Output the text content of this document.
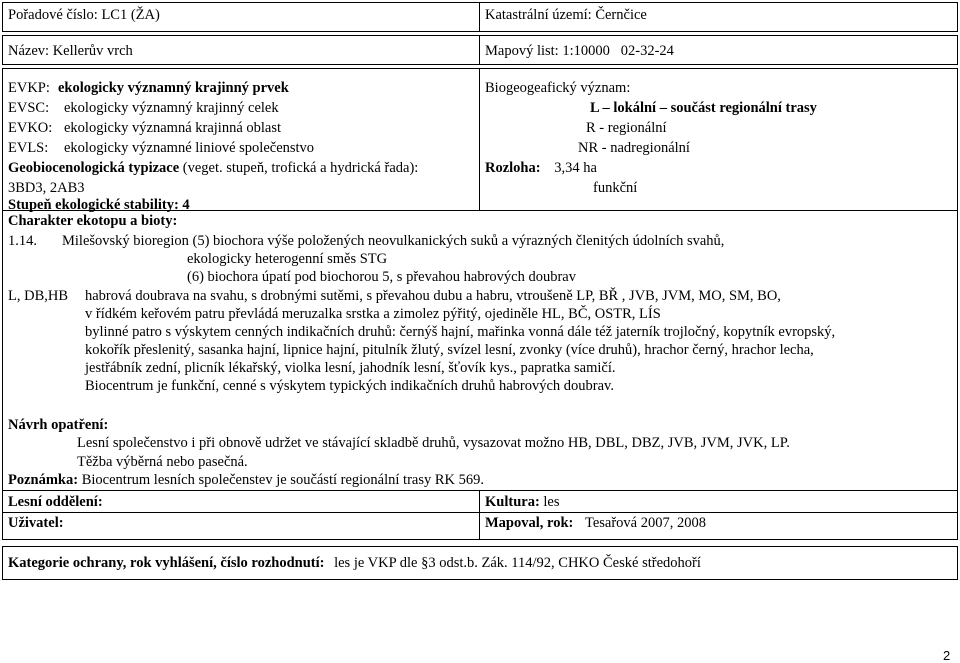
Pořadové číslo: LC1 (ŽA)	Katastrální území: Černčice
Název: Kellerův vrch	Mapový list: 1:10000   02-32-24
EVKP: ekologicky významný krajinný prvek
EVSC: ekologicky významný krajinný celek
EVKO: ekologicky významná krajinná oblast
EVLS: ekologicky významné liniové společenstvo
Geobiocenologická typizace (veget. stupeň, trofická a hydrická řada):
3BD3, 2AB3
Stupeň ekologické stability: 4
Biogeogeafický význam:
L – lokální – součást regionální trasy
R - regionální
NR - nadregionální
Rozloha: 3,34 ha
funkční
Charakter ekotopu a bioty:
1.14. Milešovský bioregion (5) biochora výše položených neovulkanických suků a výrazných členitých údolních svahů,
ekologicky heterogenní směs STG
(6) biochora úpatí pod biochorou 5, s převahou habrových doubrav
L, DB,HB habrová doubrava na svahu, s drobnými sutěmi, s převahou dubu a habru, vtroušeně LP, BŘ , JVB, JVM, MO, SM, BO,
v řídkém keřovém patru převládá meruzalka srstka a zimolez pýřitý, ojediněle HL, BČ, OSTR, LÍS
bylinné patro s výskytem cenných indikačních druhů: černýš hajní, mařinka vonná dále též jaterník trojločný, kopytník evropský,
kokořík přeslenitý, sasanka hajní, lipnice hajní, pitulník žlutý, svízel lesní, zvonky (více druhů), hrachor černý, hrachor lecha,
jestřábník zední, plicník lékařský, violka lesní, jahodník lesní, šťovík kys., papratka samičí.
Biocentrum je funkční, cenné s výskytem typických indikačních druhů habrových doubrav.
Návrh opatření:
Lesní společenstvo i při obnově udržet ve stávající skladbě druhů, vysazovat možno HB, DBL, DBZ, JVB, JVM, JVK, LP.
Těžba výběrná nebo pasečná.
Poznámka: Biocentrum lesních společenstev je součástí regionální trasy RK 569.
Lesní oddělení:	Kultura: les
Uživatel:	Mapoval, rok: Tesařová 2007, 2008
Kategorie ochrany, rok vyhlášení, číslo rozhodnutí: les je VKP dle §3 odst.b. Zák. 114/92, CHKO České středohoří
2
